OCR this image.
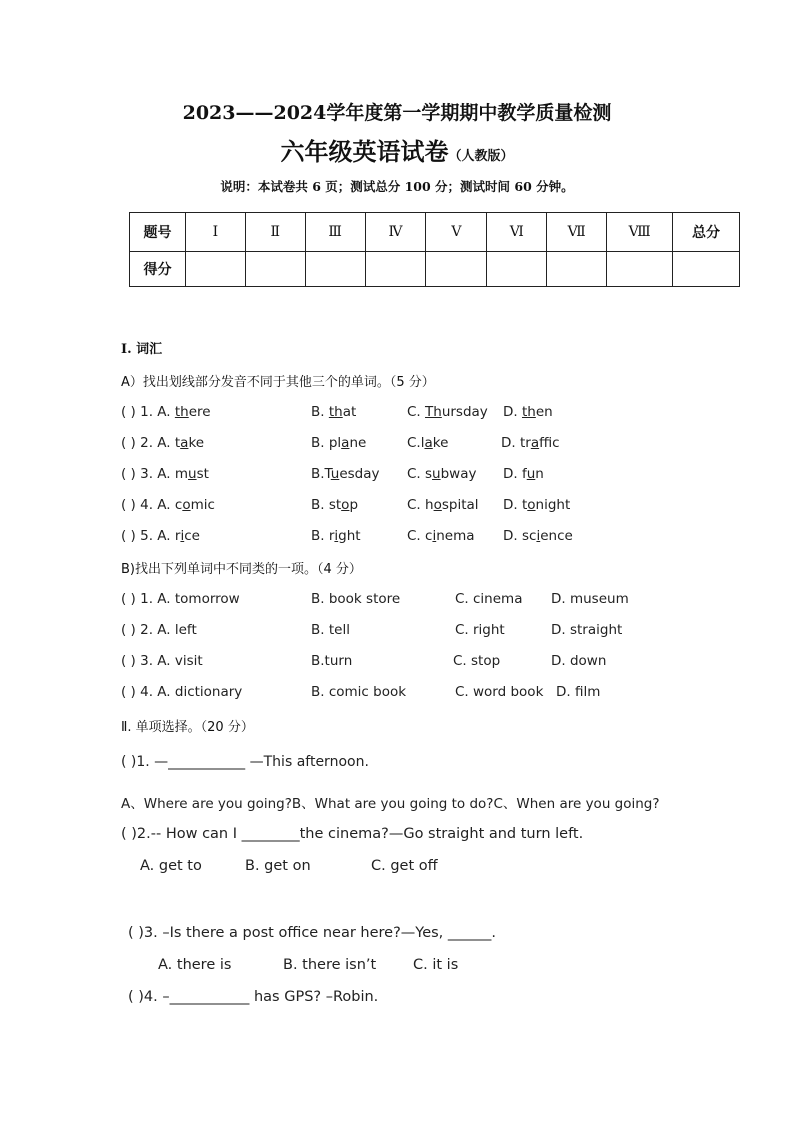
2023——2024学年度第一学期期中教学质量检测
六年级英语试卷（人教版）
说明：本试卷共 6 页；测试总分 100 分；测试时间 60 分钟。
题号	Ⅰ	Ⅱ	Ⅲ	Ⅳ	Ⅴ	Ⅵ	Ⅶ	Ⅷ	总分
得分									
Ⅰ. 词汇
A）找出划线部分发音不同于其他三个的单词。（5 分）
( ) 1. A. there	B. that	C. Thursday D. then
( ) 2. A. take	B. plane	C.lake	D. traffic
( ) 3. A. must	B.Tuesday C. subway D. fun
( ) 4. A. comic	B. stop	C. hospital D. tonight
( ) 5. A. rice	B. right	C. cinema D. science
B)找出下列单词中不同类的一项。（4 分）
( ) 1. A. tomorrow	B. book store	C. cinema D. museum
( ) 2. A. left	B. tell	C. right	D. straight
( ) 3. A. visit	B.turn	C. stop	D. down
( ) 4. A. dictionary	B. comic book	C. word book D. film
Ⅱ. 单项选择。（20 分）
( )1. —___________ —This afternoon.
A、Where are you going?B、What are you going to do?C、When are you going?
( )2.-- How can I ________the cinema?—Go straight and turn left.
A. get to	B. get on	C. get off
( )3. –Is there a post office near here?—Yes, ______.
A. there is	B. there isn’t	C. it is
( )4. –___________ has GPS? –Robin.
